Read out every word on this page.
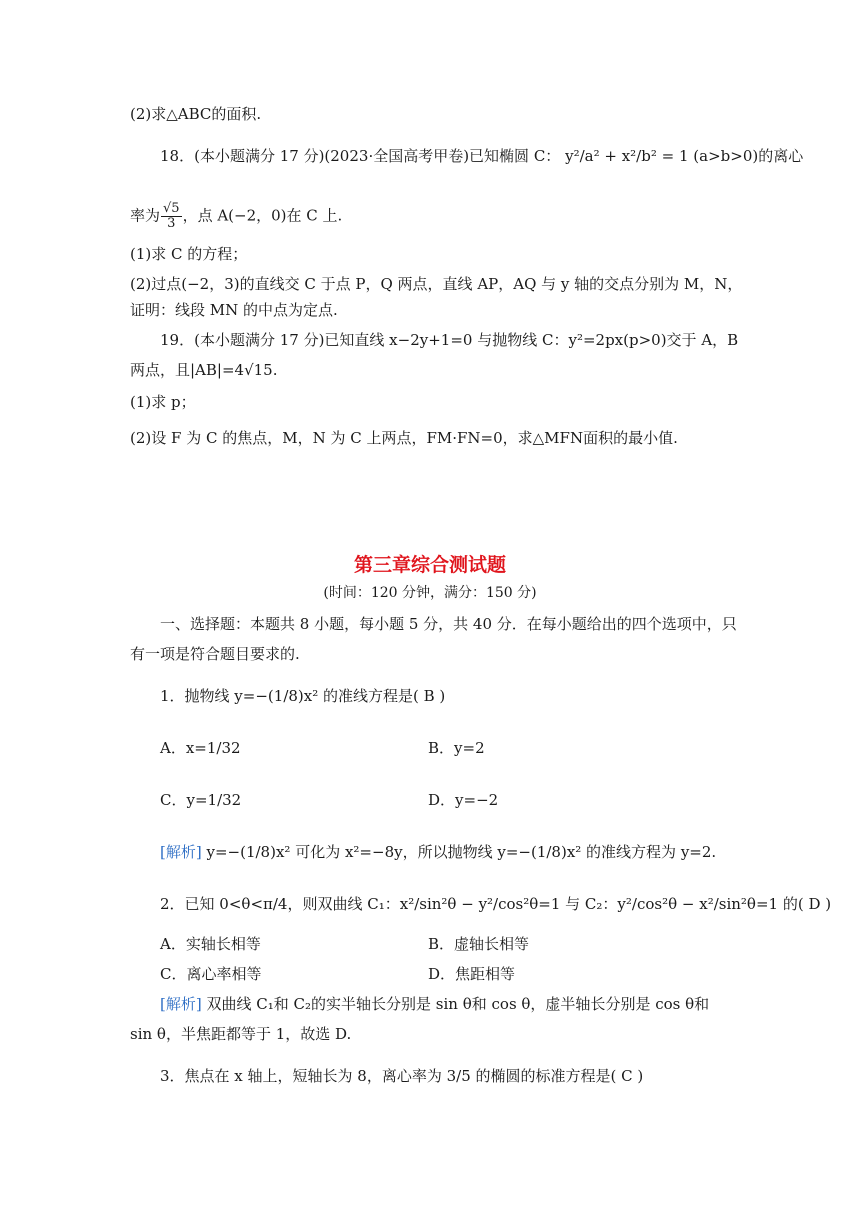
(2)求△ABC的面积.
18．(本小题满分 17 分)(2023·全国高考甲卷)已知椭圆 C： y²/a² + x²/b² = 1 (a>b>0)的离心
率为 $\frac{√5}{3}$ ，点 A(−2，0)在 C 上.
(1)求 C 的方程；
(2)过点(−2，3)的直线交 C 于点 P，Q 两点，直线 AP，AQ 与 y 轴的交点分别为 M，N，
证明：线段 MN 的中点为定点.
19．(本小题满分 17 分)已知直线 x−2y+1=0 与抛物线 C：y²=2px(p>0)交于 A，B
两点，且|AB|=4√15.
(1)求 p；
(2)设 F 为 C 的焦点，M，N 为 C 上两点，FM·FN=0，求△MFN面积的最小值.
第三章综合测试题
(时间：120 分钟，满分：150 分)
一、选择题：本题共 8 小题，每小题 5 分，共 40 分．在每小题给出的四个选项中，只
有一项是符合题目要求的.
1．抛物线 y=−(1/8)x² 的准线方程是( B )
A．x=1/32	B．y=2
C．y=1/32	D．y=−2
[解析] y=−(1/8)x² 可化为 x²=−8y，所以抛物线 y=−(1/8)x² 的准线方程为 y=2.
2．已知 0<θ<π/4，则双曲线 C₁：x²/sin²θ − y²/cos²θ=1 与 C₂：y²/cos²θ − x²/sin²θ=1 的( D )
A．实轴长相等	B．虚轴长相等
C．离心率相等	D．焦距相等
[解析] 双曲线 C₁和 C₂的实半轴长分别是 sin θ和 cos θ，虚半轴长分别是 cos θ和
sin θ，半焦距都等于 1，故选 D.
3．焦点在 x 轴上，短轴长为 8，离心率为 3/5 的椭圆的标准方程是( C )
